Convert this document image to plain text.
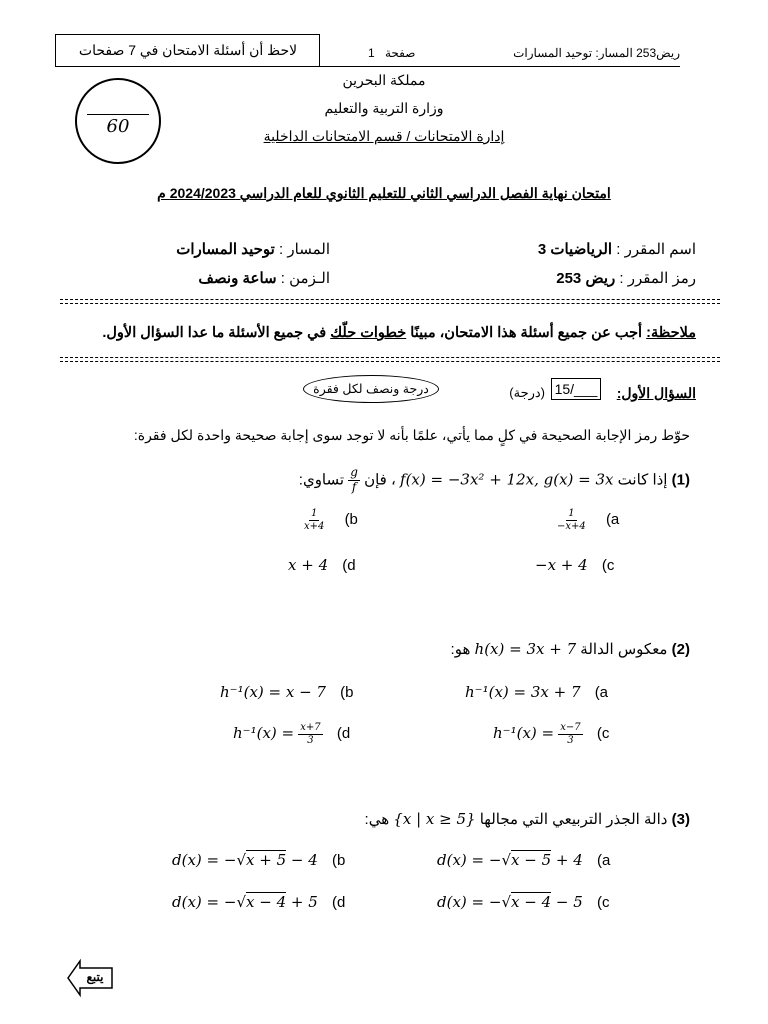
لاحظ أن أسئلة الامتحان في 7 صفحات	صفحة
1	ريض253 المسار: توحيد المسارات
60
مملكة البحرين
وزارة التربية والتعليم
إدارة الامتحانات / قسم الامتحانات الداخلية
امتحان نهاية الفصل الدراسي الثاني للتعليم الثانوي للعام الدراسي 2024/2023 م
اسم المقرر : الرياضيات 3
المسار : توحيد المسارات
رمز المقرر : ريض 253
الـزمن : ساعة ونصف
ملاحظة: أجب عن جميع أسئلة هذا الامتحان، مبينًا خطوات حلّك في جميع الأسئلة ما عدا السؤال الأول.
السؤال الأول:
15/___
(درجة)
درجة ونصف لكل فقرة
حوّط رمز الإجابة الصحيحة في كلٍ مما يأتي، علمًا بأنه لا توجد سوى إجابة صحيحة واحدة لكل فقرة:
(1) إذا كانت f(x) = −3x² + 12x, g(x) = 3x ، فإن
$\frac{g}{f}$
تساوي:
$\frac{1}{-x+4} (a$
$\frac{1}{x+4} (b$
−x + 4 (c
x + 4 (d
(2) معكوس الدالة h(x) = 3x + 7 هو:
h⁻¹(x) = 3x + 7 (a
h⁻¹(x) = x − 7 (b
$h^{-1}(x) = \frac{x-7}{3} (c$
$h^{-1}(x) = \frac{x+7}{3} (d$
(3) دالة الجذر التربيعي التي مجالها {x | x ≥ 5} هي:
d(x) = −√x − 5 + 4 (a
d(x) = −√x + 5 − 4 (b
d(x) = −√x − 4 − 5 (c
d(x) = −√x − 4 + 5 (d
يتبع
